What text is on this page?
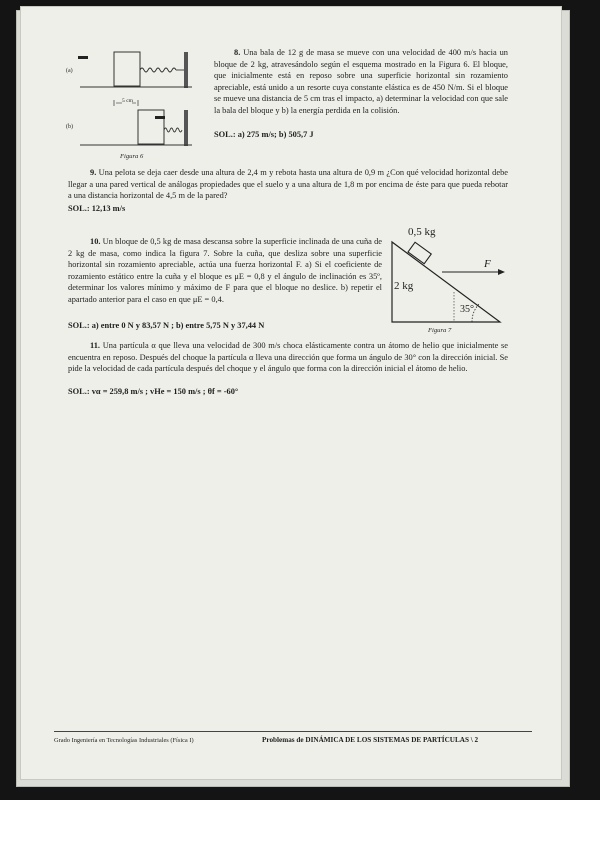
(a)
(b)
5 cm
Figura 6

8. Una bala de 12 g de masa se mueve con una velocidad de 400 m/s hacia un bloque de 2 kg, atravesándolo según el esquema mostrado en la Figura 6. El bloque, que inicialmente está en reposo sobre una superficie horizontal sin rozamiento apreciable, está unido a un resorte cuya constante elástica es de 450 N/m. Si el bloque se mueve una distancia de 5 cm tras el impacto, a) determinar la velocidad con que sale la bala del bloque y b) la energía perdida en la colisión.

SOL.: a) 275 m/s; b) 505,7 J

9. Una pelota se deja caer desde una altura de 2,4 m y rebota hasta una altura de 0,9 m ¿Con qué velocidad horizontal debe llegar a una pared vertical de análogas propiedades que el suelo y a una altura de 1,8 m por encima de éste para que pueda rebotar a una distancia horizontal de 4,5 m de la pared?

SOL.: 12,13 m/s

10. Un bloque de 0,5 kg de masa descansa sobre la superficie inclinada de una cuña de 2 kg de masa, como indica la figura 7. Sobre la cuña, que desliza sobre una superficie horizontal sin rozamiento apreciable, actúa una fuerza horizontal F. a) Si el coeficiente de rozamiento estático entre la cuña y el bloque es μE = 0,8 y el ángulo de inclinación es 35º, determinar los valores mínimo y máximo de F para que el bloque no deslice. b) repetir el apartado anterior para el caso en que μE = 0,4.

SOL.: a) entre 0 N y 83,57 N ; b) entre 5,75 N y 37,44 N
0,5 kg
2 kg
F
35°
Figura 7

11. Una partícula α que lleva una velocidad de 300 m/s choca elásticamente contra un átomo de helio que inicialmente se encuentra en reposo. Después del choque la partícula α lleva una dirección que forma un ángulo de 30° con la dirección inicial. Se pide la velocidad de cada partícula después del choque y el ángulo que forma con la dirección inicial el átomo de helio.

SOL.: vα = 259,8 m/s ; vHe = 150 m/s ; θf = -60°
Grado Ingeniería en Tecnologías Industriales (Física I)	Problemas de DINÁMICA DE LOS SISTEMAS DE PARTÍCULAS \ 2
